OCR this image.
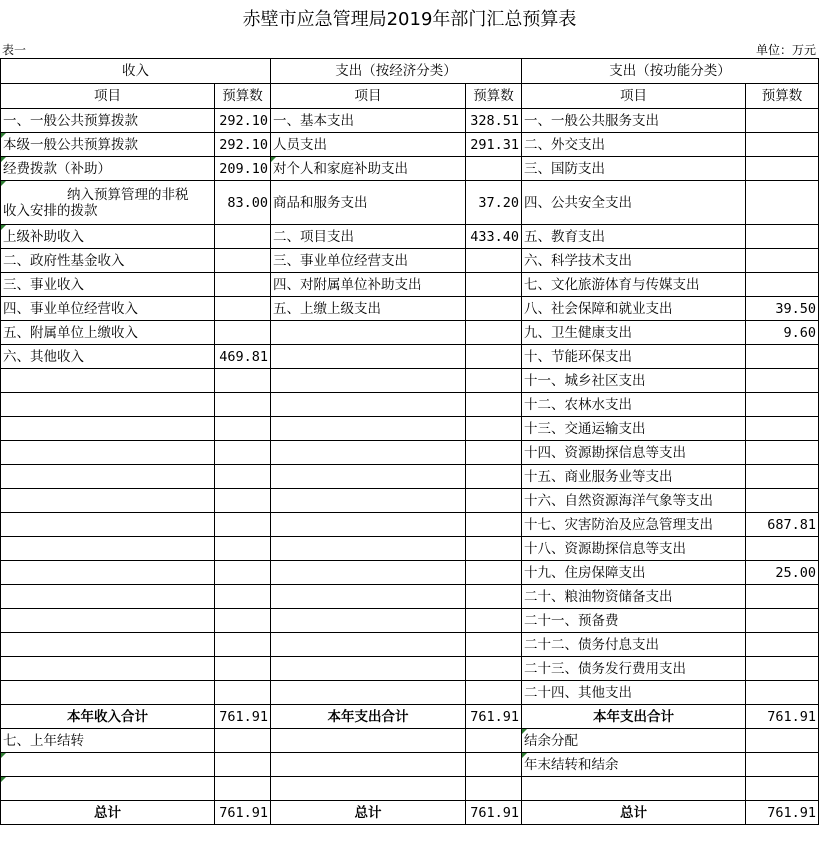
赤壁市应急管理局2019年部门汇总预算表
表一	单位：万元
收入		支出（按经济分类）		支出（按功能分类）	
项目	预算数	项目	预算数	项目	预算数
一、一般公共预算拨款	292.10	一、基本支出	328.51	一、一般公共服务支出	
本级一般公共预算拨款	292.10	人员支出	291.31	二、外交支出	
经费拨款（补助）	209.10	对个人和家庭补助支出		三、国防支出	

纳入预算管理的非税
收入安排的拨款	83.00	商品和服务支出	37.20	四、公共安全支出	
上级补助收入		二、项目支出	433.40	五、教育支出	
二、政府性基金收入		三、事业单位经营支出		六、科学技术支出	
三、事业收入		四、对附属单位补助支出		七、文化旅游体育与传媒支出	
四、事业单位经营收入		五、上缴上级支出		八、社会保障和就业支出	39.50
五、附属单位上缴收入				九、卫生健康支出	9.60
六、其他收入	469.81			十、节能环保支出	
				十一、城乡社区支出	
				十二、农林水支出	
				十三、交通运输支出	
				十四、资源勘探信息等支出	
				十五、商业服务业等支出	
				十六、自然资源海洋气象等支出	
				十七、灾害防治及应急管理支出	687.81
				十八、资源勘探信息等支出	
				十九、住房保障支出	25.00
				二十、粮油物资储备支出	
				二十一、预备费	
				二十二、债务付息支出	
				二十三、债务发行费用支出	
				二十四、其他支出	
本年收入合计	761.91	本年支出合计	761.91	本年支出合计	761.91
七、上年结转				结余分配	
				年末结转和结余	

总计	761.91	总计	761.91	总计	761.91
